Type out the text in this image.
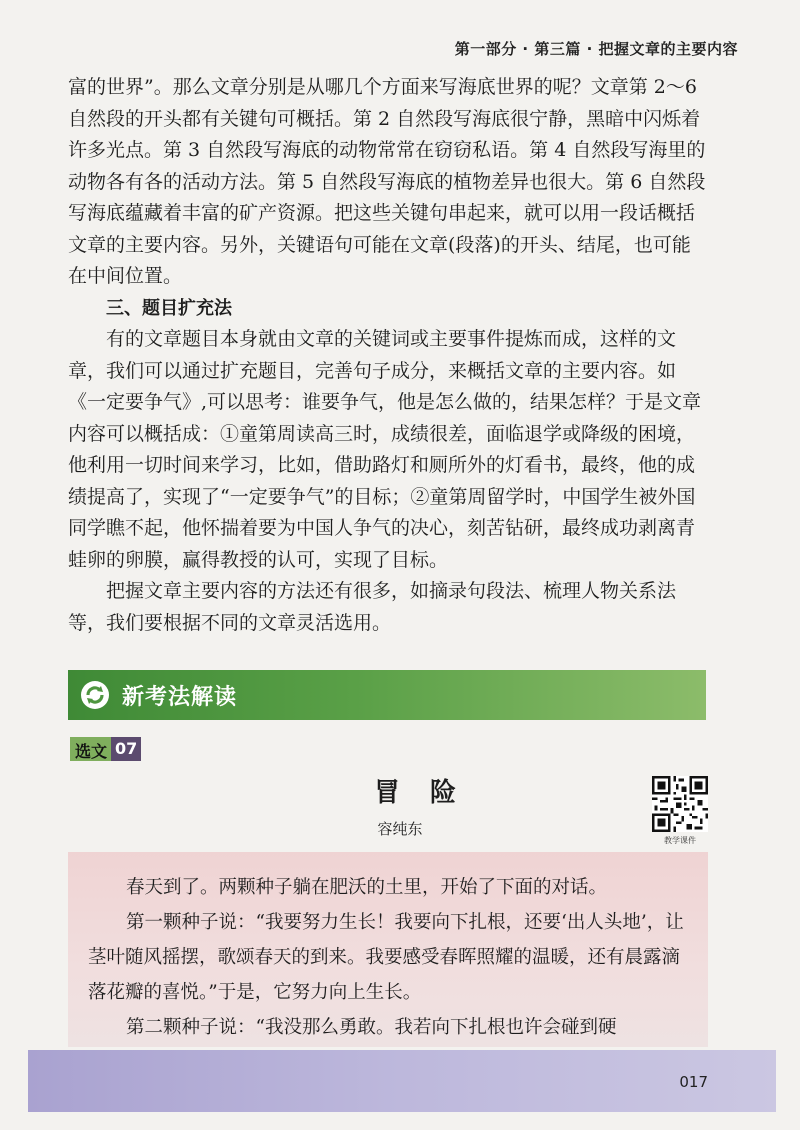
第一部分 · 第三篇 · 把握文章的主要内容

富的世界”。那么文章分别是从哪几个方面来写海底世界的呢？文章第 2～6 自然段的开头都有关键句可概括。第 2 自然段写海底很宁静，黑暗中闪烁着许多光点。第 3 自然段写海底的动物常常在窃窃私语。第 4 自然段写海里的动物各有各的活动方法。第 5 自然段写海底的植物差异也很大。第 6 自然段写海底蕴藏着丰富的矿产资源。把这些关键句串起来，就可以用一段话概括文章的主要内容。另外，关键语句可能在文章(段落)的开头、结尾，也可能在中间位置。

三、题目扩充法

有的文章题目本身就由文章的关键词或主要事件提炼而成，这样的文章，我们可以通过扩充题目，完善句子成分，来概括文章的主要内容。如《一定要争气》,可以思考：谁要争气，他是怎么做的，结果怎样？于是文章内容可以概括成：①童第周读高三时，成绩很差，面临退学或降级的困境，他利用一切时间来学习，比如，借助路灯和厕所外的灯看书，最终，他的成绩提高了，实现了“一定要争气”的目标；②童第周留学时，中国学生被外国同学瞧不起，他怀揣着要为中国人争气的决心，刻苦钻研，最终成功剥离青蛙卵的卵膜，赢得教授的认可，实现了目标。

把握文章主要内容的方法还有很多，如摘录句段法、梳理人物关系法等，我们要根据不同的文章灵活选用。

新考法解读
选文 07
冒险
容纯东
教学课件

春天到了。两颗种子躺在肥沃的土里，开始了下面的对话。

第一颗种子说：“我要努力生长！我要向下扎根，还要‘出人头地’，让茎叶随风摇摆，歌颂春天的到来。我要感受春晖照耀的温暖，还有晨露滴落花瓣的喜悦。”于是，它努力向上生长。

第二颗种子说：“我没那么勇敢。我若向下扎根也许会碰到硬

017
